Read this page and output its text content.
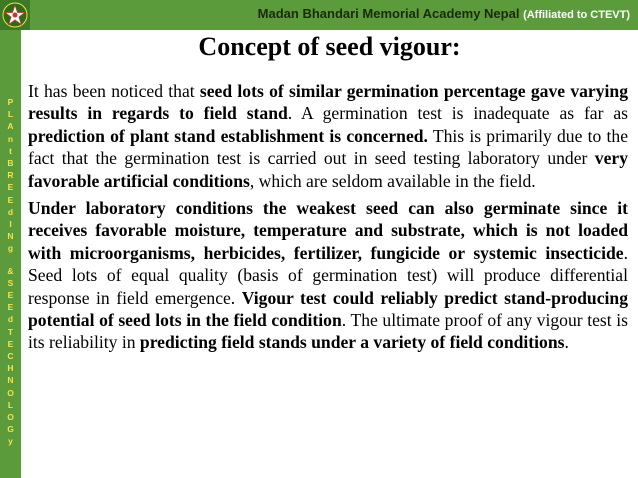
Madan Bhandari Memorial Academy Nepal (Affiliated to CTEVT)
P
L
A
n
t
B
R
E
E
d
I
N
g
&
S
E
E
d
T
E
C
H
N
O
L
O
G
y
Concept of seed vigour:

It has been noticed that seed lots of similar germination percentage gave varying results in regards to field stand. A germination test is inadequate as far as prediction of plant stand establishment is concerned. This is primarily due to the fact that the germination test is carried out in seed testing laboratory under very favorable artificial conditions, which are seldom available in the field.

Under laboratory conditions the weakest seed can also germinate since it receives favorable moisture, temperature and substrate, which is not loaded with microorganisms, herbicides, fertilizer, fungicide or systemic insecticide. Seed lots of equal quality (basis of germination test) will produce differential response in field emergence. Vigour test could reliably predict stand-producing potential of seed lots in the field condition. The ultimate proof of any vigour test is its reliability in predicting field stands under a variety of field conditions.
